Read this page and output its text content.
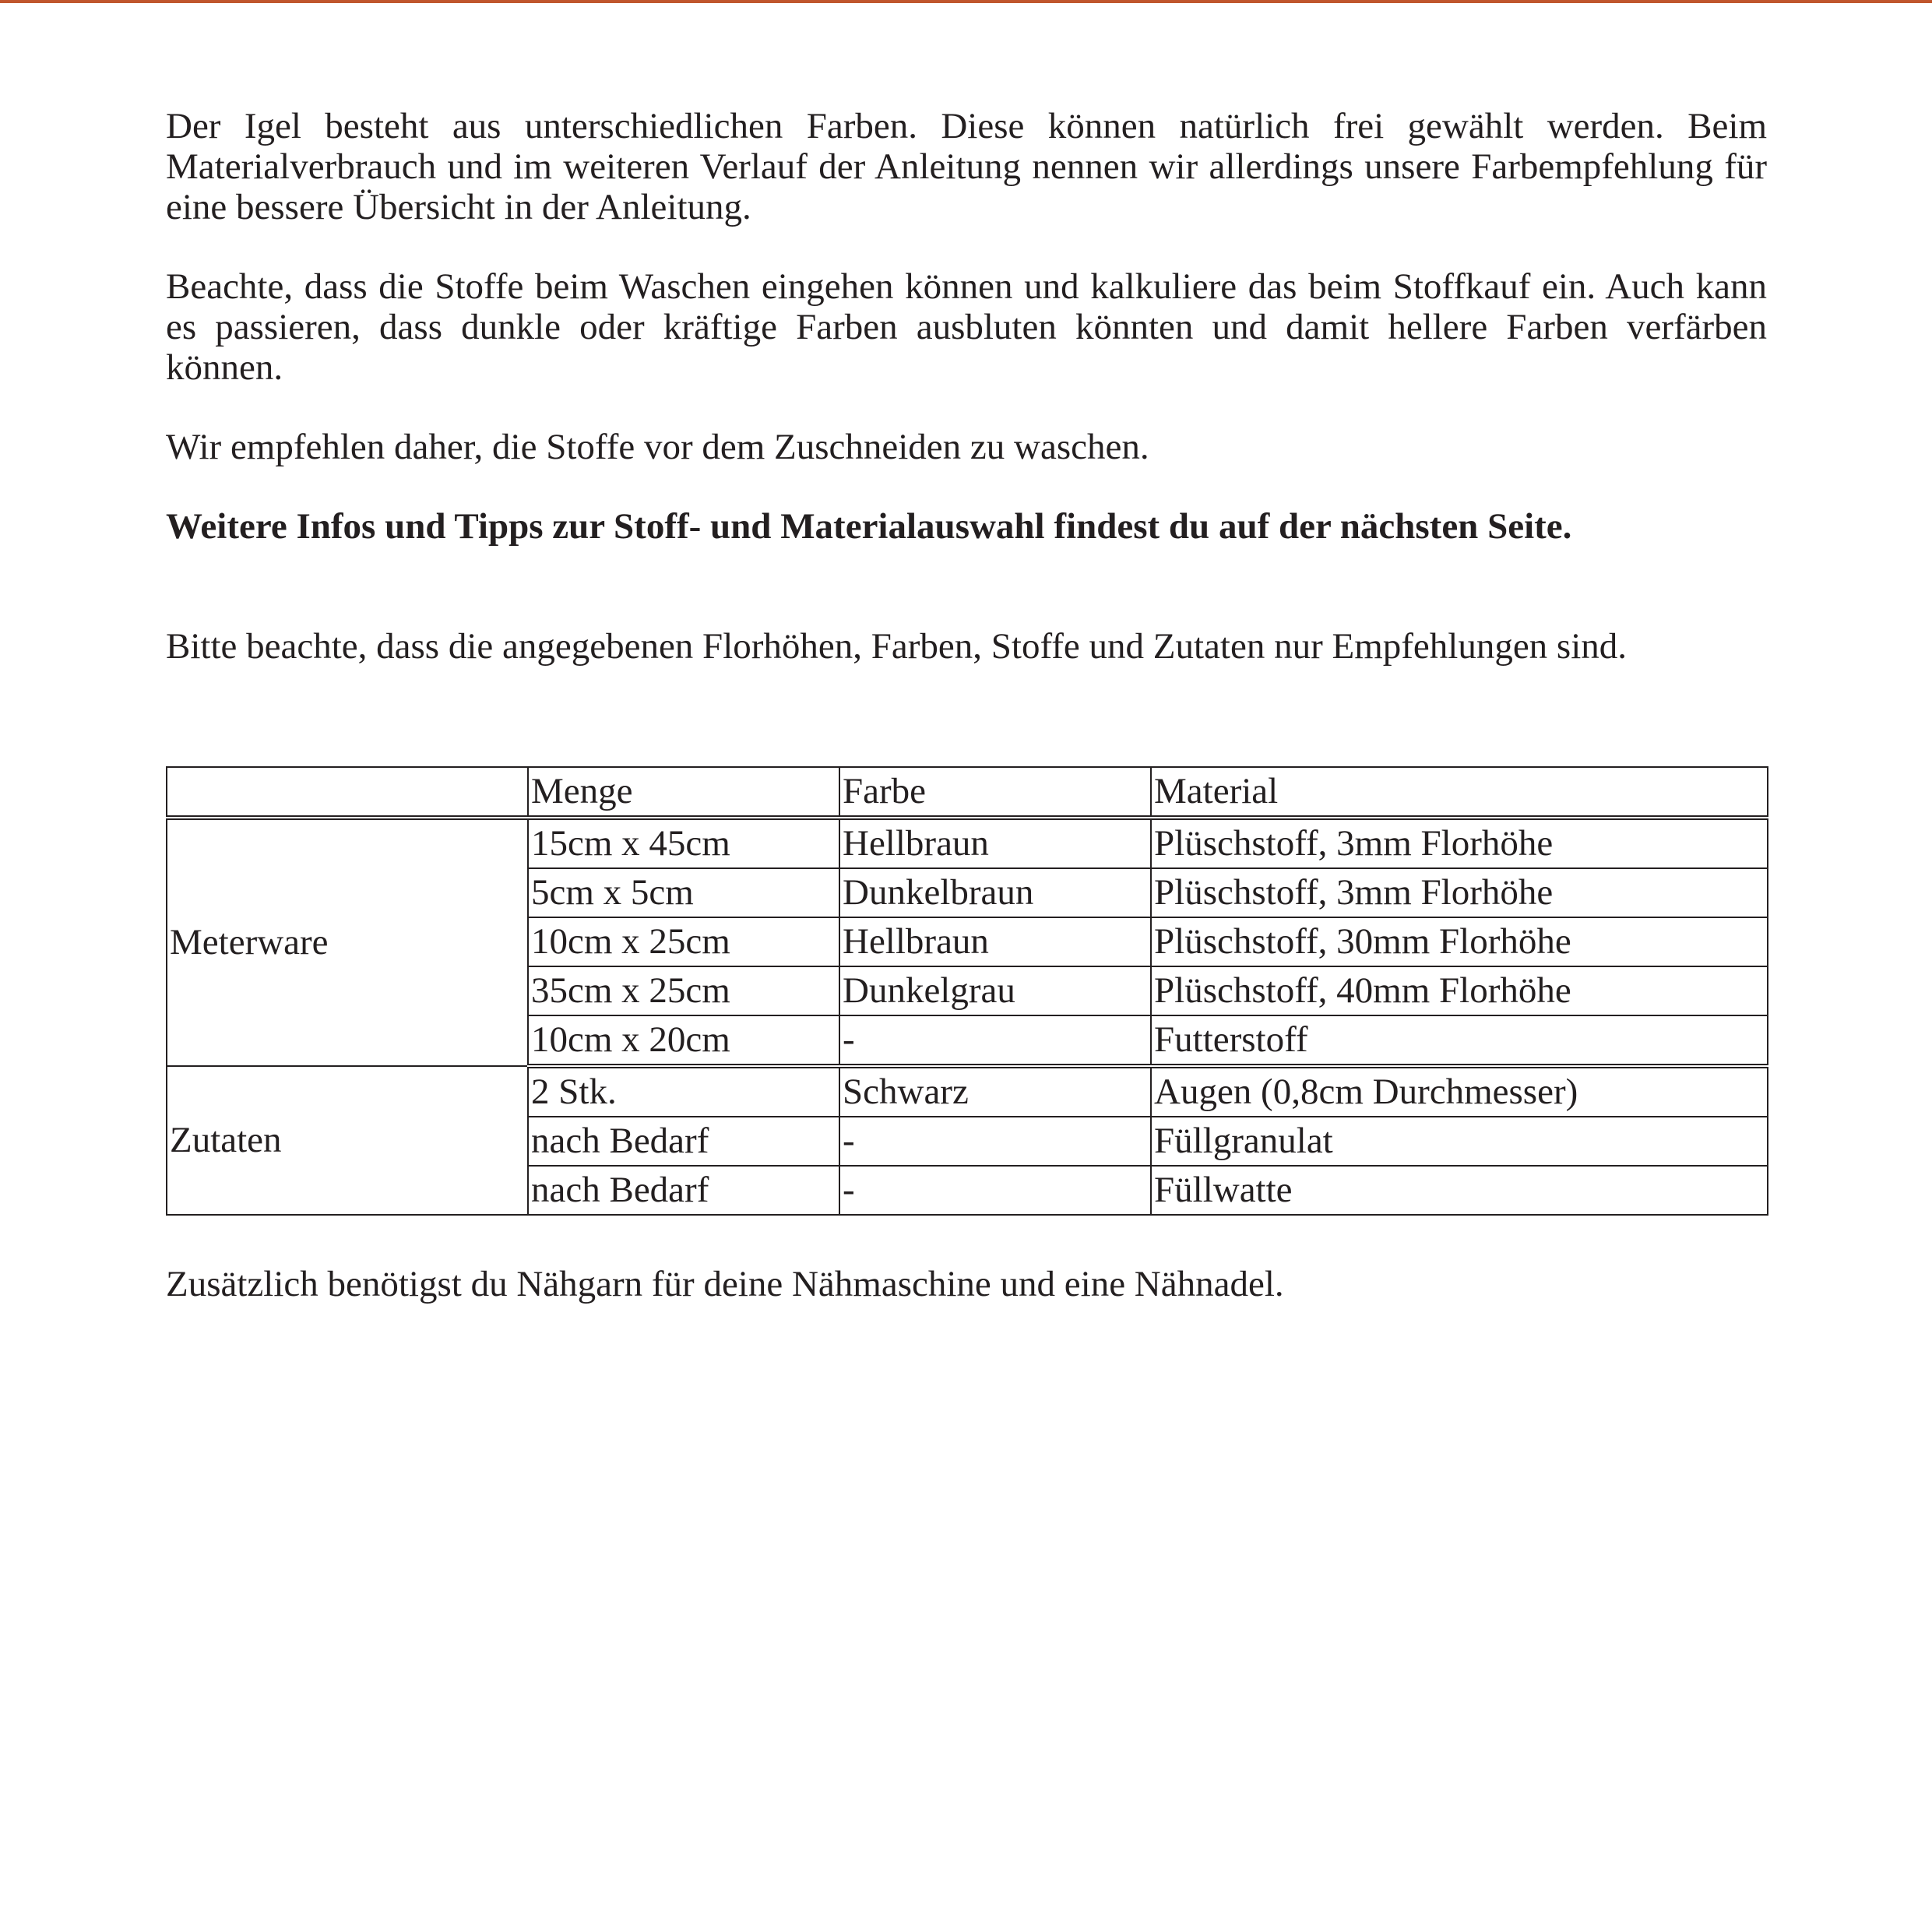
Der Igel besteht aus unterschiedlichen Farben. Diese können natürlich frei gewählt werden. Beim Materialverbrauch und im weiteren Verlauf der Anleitung nennen wir allerdings unsere Farbempfehlung für eine bessere Übersicht in der Anleitung.

Beachte, dass die Stoffe beim Waschen eingehen können und kalkuliere das beim Stoffkauf ein. Auch kann es passieren, dass dunkle oder kräftige Farben ausbluten könnten und damit hellere Farben verfärben können.

Wir empfehlen daher, die Stoffe vor dem Zuschneiden zu waschen.

Weitere Infos und Tipps zur Stoff- und Materialauswahl findest du auf der nächsten Seite.

Bitte beachte, dass die angegebenen Florhöhen, Farben, Stoffe und Zutaten nur Empfehlungen sind.

	Menge	Farbe	Material
Meterware	15cm x 45cm	Hellbraun	Plüschstoff, 3mm Florhöhe
	5cm x 5cm	Dunkelbraun	Plüschstoff, 3mm Florhöhe
	10cm x 25cm	Hellbraun	Plüschstoff, 30mm Florhöhe
	35cm x 25cm	Dunkelgrau	Plüschstoff, 40mm Florhöhe
	10cm x 20cm	-	Futterstoff
Zutaten	2 Stk.	Schwarz	Augen (0,8cm Durchmesser)
	nach Bedarf	-	Füllgranulat
	nach Bedarf	-	Füllwatte

Zusätzlich benötigst du Nähgarn für deine Nähmaschine und eine Nähnadel.
